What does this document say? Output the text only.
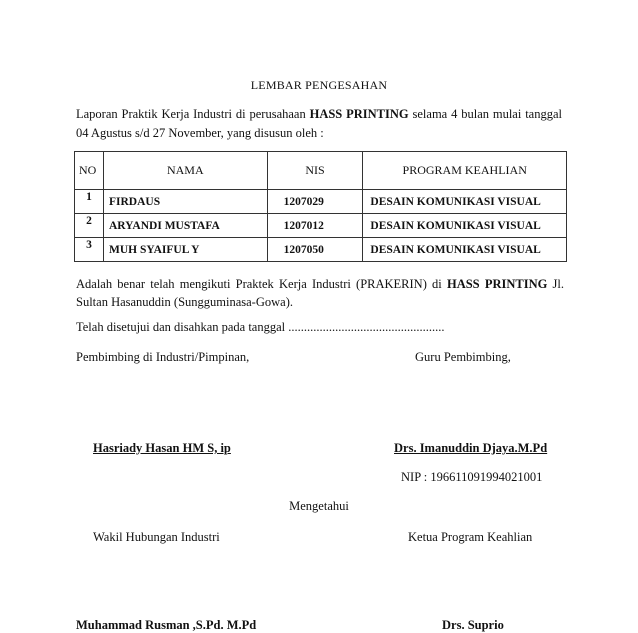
LEMBAR PENGESAHAN
Laporan Praktik Kerja Industri di perusahaan HASS PRINTING selama 4 bulan mulai tanggal 04 Agustus s/d 27 November, yang disusun oleh :
NO	NAMA	NIS	PROGRAM KEAHLIAN
1	FIRDAUS	1207029	DESAIN KOMUNIKASI VISUAL
2	ARYANDI MUSTAFA	1207012	DESAIN KOMUNIKASI VISUAL
3	MUH SYAIFUL Y	1207050	DESAIN KOMUNIKASI VISUAL
Adalah benar telah mengikuti Praktek Kerja Industri (PRAKERIN) di HASS PRINTING Jl. Sultan Hasanuddin (Sungguminasa-Gowa).
Telah disetujui dan disahkan pada tanggal ..................................................
Pembimbing di Industri/Pimpinan,	Guru Pembimbing,
Hasriady Hasan HM S, ip	Drs. Imanuddin Djaya.M.Pd
NIP : 196611091994021001
Mengetahui
Wakil Hubungan Industri	Ketua Program Keahlian
Muhammad Rusman ,S.Pd. M.Pd	Drs. Suprio
